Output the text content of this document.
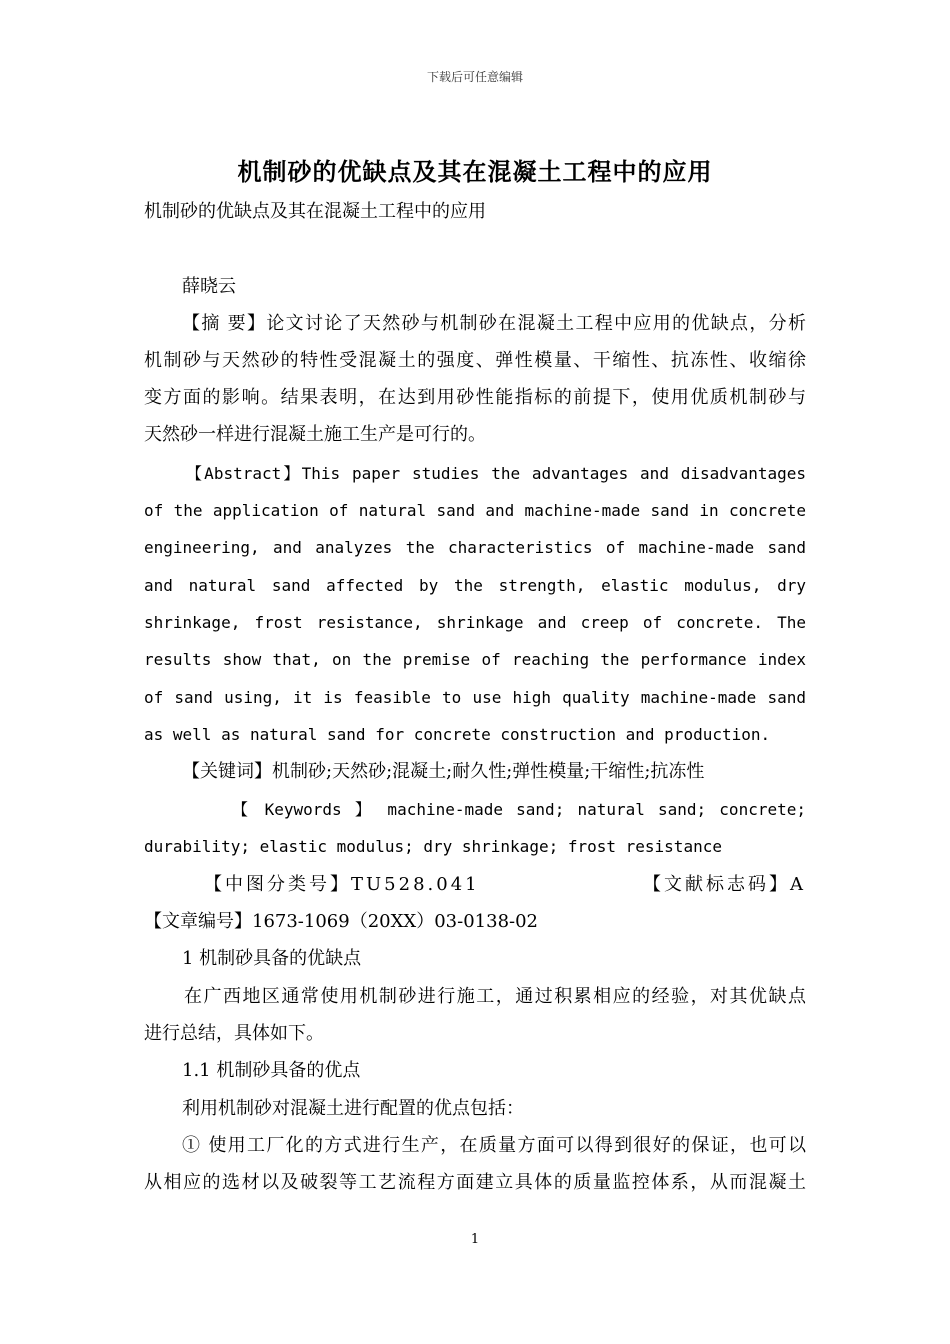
下载后可任意编辑
机制砂的优缺点及其在混凝土工程中的应用
机制砂的优缺点及其在混凝土工程中的应用
薛晓云
【摘 要】论文讨论了天然砂与机制砂在混凝土工程中应用的优缺点，分析
机制砂与天然砂的特性受混凝土的强度、弹性模量、干缩性、抗冻性、收缩徐
变方面的影响。结果表明，在达到用砂性能指标的前提下，使用优质机制砂与
天然砂一样进行混凝土施工生产是可行的。
【Abstract】This paper studies the advantages and disadvantages
of the application of natural sand and machine-made sand in concrete
engineering, and analyzes the characteristics of machine-made sand
and natural sand affected by the strength, elastic modulus, dry
shrinkage, frost resistance, shrinkage and creep of concrete. The
results show that, on the premise of reaching the performance index
of sand using, it is feasible to use high quality machine-made sand
as well as natural sand for concrete construction and production.
【关键词】机制砂;天然砂;混凝土;耐久性;弹性模量;干缩性;抗冻性
【 Keywords 】 machine-made sand; natural sand; concrete;
durability; elastic modulus; dry shrinkage; frost resistance
【中图分类号】TU528.041	【文献标志码】A
【文章编号】1673-1069（20XX）03-0138-02
1 机制砂具备的优缺点
在广西地区通常使用机制砂进行施工，通过积累相应的经验，对其优缺点
进行总结，具体如下。
1.1 机制砂具备的优点
利用机制砂对混凝土进行配置的优点包括：
① 使用工厂化的方式进行生产，在质量方面可以得到很好的保证，也可以
从相应的选材以及破裂等工艺流程方面建立具体的质量监控体系，从而混凝土
1
